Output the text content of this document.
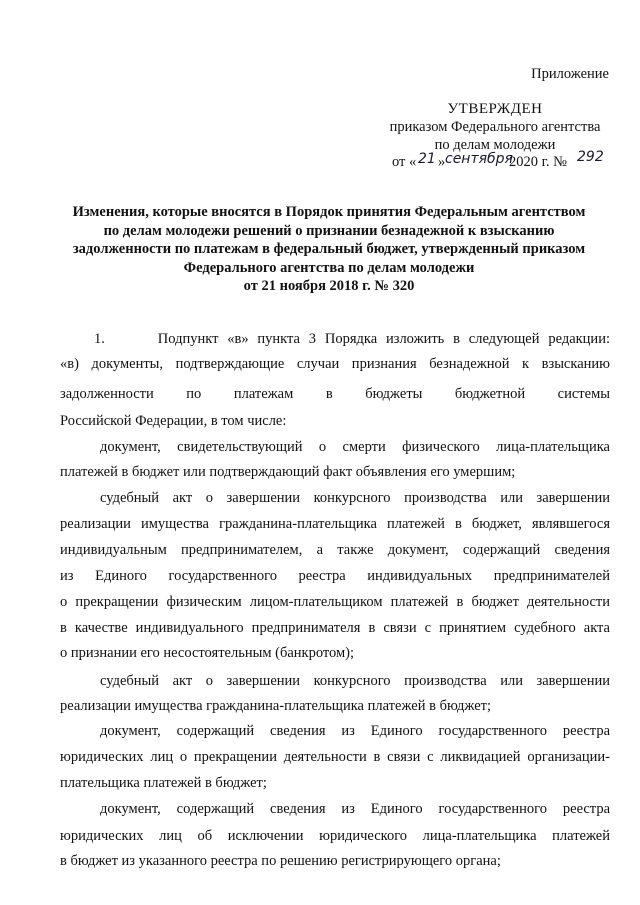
Приложение
УТВЕРЖДЕН
приказом Федерального агентства
по делам молодежи
от « 21 » сентября
2020 г. № 292
Изменения, которые вносятся в Порядок принятия Федеральным агентством
по делам молодежи решений о признании безнадежной к взысканию
задолженности по платежам в федеральный бюджет, утвержденный приказом
Федерального агентства по делам молодежи
от 21 ноября 2018 г. № 320
1.      Подпункт «в» пункта 3 Порядка изложить в следующей редакции:
«в) документы, подтверждающие случаи признания безнадежной к взысканию
задолженности по платежам в бюджеты бюджетной системы
Российской Федерации, в том числе:
документ, свидетельствующий о смерти физического лица-плательщика
платежей в бюджет или подтверждающий факт объявления его умершим;
судебный акт о завершении конкурсного производства или завершении
реализации имущества гражданина-плательщика платежей в бюджет, являвшегося
индивидуальным предпринимателем, а также документ, содержащий сведения
из Единого государственного реестра индивидуальных предпринимателей
о прекращении физическим лицом-плательщиком платежей в бюджет деятельности
в качестве индивидуального предпринимателя в связи с принятием судебного акта
о признании его несостоятельным (банкротом);
судебный акт о завершении конкурсного производства или завершении
реализации имущества гражданина-плательщика платежей в бюджет;
документ, содержащий сведения из Единого государственного реестра
юридических лиц о прекращении деятельности в связи с ликвидацией организации-
плательщика платежей в бюджет;
документ, содержащий сведения из Единого государственного реестра
юридических лиц об исключении юридического лица-плательщика платежей
в бюджет из указанного реестра по решению регистрирующего органа;
